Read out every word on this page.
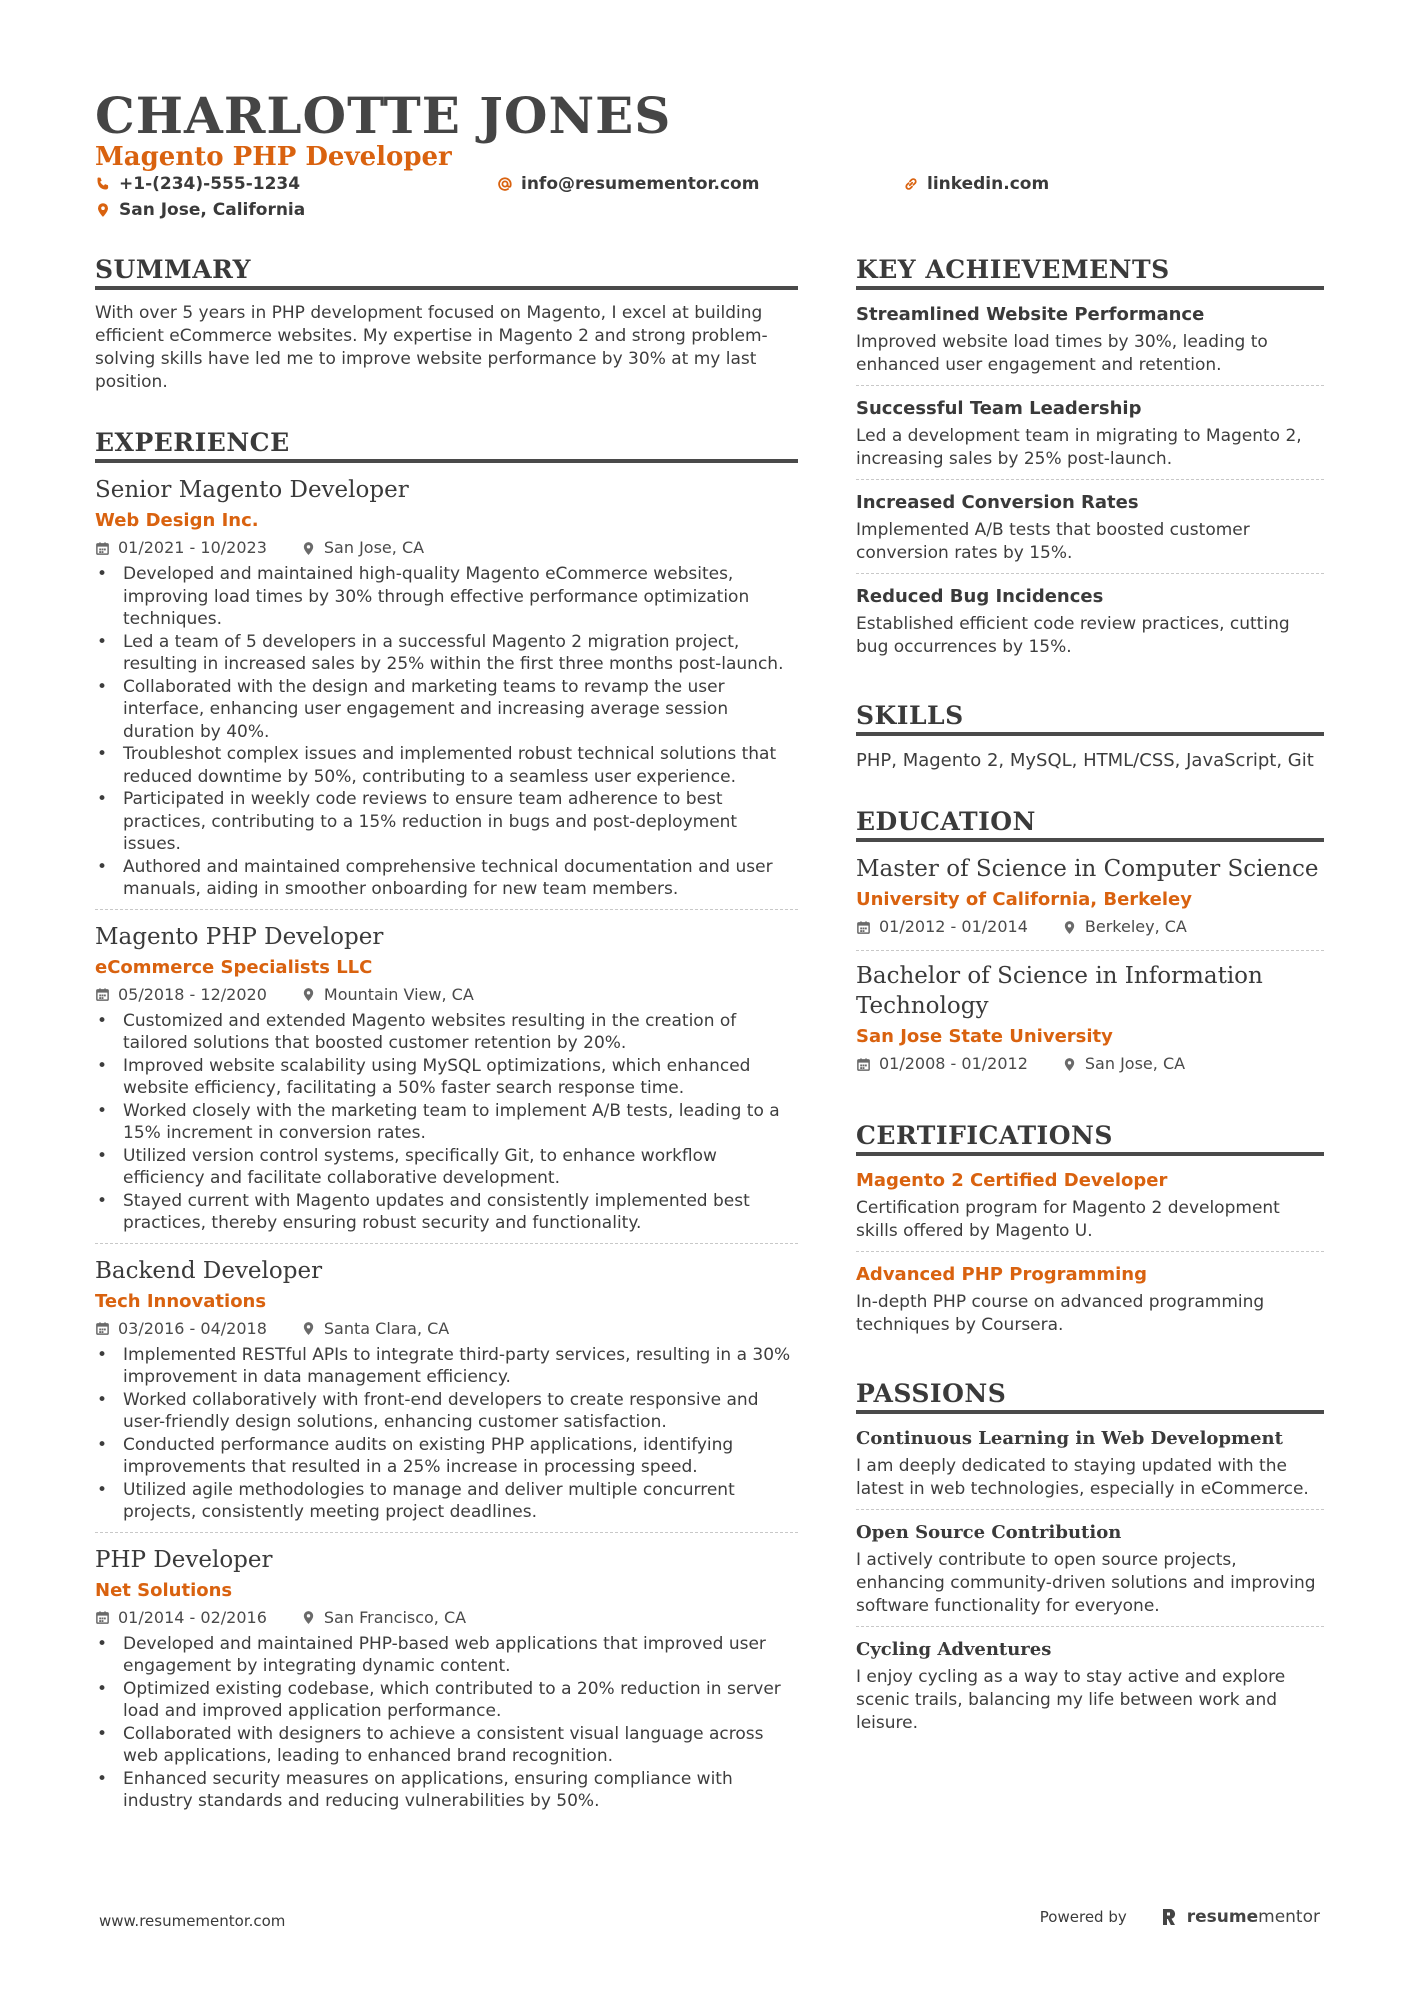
CHARLOTTE JONES
Magento PHP Developer
+1-(234)-555-1234	info@resumementor.com	linkedin.com
San Jose, California
SUMMARY
With over 5 years in PHP development focused on Magento, I excel at building efficient eCommerce websites. My expertise in Magento 2 and strong problem-solving skills have led me to improve website performance by 30% at my last position.
EXPERIENCE
Senior Magento Developer
Web Design Inc.
01/2021 - 10/2023	San Jose, CA
• Developed and maintained high-quality Magento eCommerce websites, improving load times by 30% through effective performance optimization techniques.
• Led a team of 5 developers in a successful Magento 2 migration project, resulting in increased sales by 25% within the first three months post-launch.
• Collaborated with the design and marketing teams to revamp the user interface, enhancing user engagement and increasing average session duration by 40%.
• Troubleshot complex issues and implemented robust technical solutions that reduced downtime by 50%, contributing to a seamless user experience.
• Participated in weekly code reviews to ensure team adherence to best practices, contributing to a 15% reduction in bugs and post-deployment issues.
• Authored and maintained comprehensive technical documentation and user manuals, aiding in smoother onboarding for new team members.
Magento PHP Developer
eCommerce Specialists LLC
05/2018 - 12/2020	Mountain View, CA
• Customized and extended Magento websites resulting in the creation of tailored solutions that boosted customer retention by 20%.
• Improved website scalability using MySQL optimizations, which enhanced website efficiency, facilitating a 50% faster search response time.
• Worked closely with the marketing team to implement A/B tests, leading to a 15% increment in conversion rates.
• Utilized version control systems, specifically Git, to enhance workflow efficiency and facilitate collaborative development.
• Stayed current with Magento updates and consistently implemented best practices, thereby ensuring robust security and functionality.
Backend Developer
Tech Innovations
03/2016 - 04/2018	Santa Clara, CA
• Implemented RESTful APIs to integrate third-party services, resulting in a 30% improvement in data management efficiency.
• Worked collaboratively with front-end developers to create responsive and user-friendly design solutions, enhancing customer satisfaction.
• Conducted performance audits on existing PHP applications, identifying improvements that resulted in a 25% increase in processing speed.
• Utilized agile methodologies to manage and deliver multiple concurrent projects, consistently meeting project deadlines.
PHP Developer
Net Solutions
01/2014 - 02/2016	San Francisco, CA
• Developed and maintained PHP-based web applications that improved user engagement by integrating dynamic content.
• Optimized existing codebase, which contributed to a 20% reduction in server load and improved application performance.
• Collaborated with designers to achieve a consistent visual language across web applications, leading to enhanced brand recognition.
• Enhanced security measures on applications, ensuring compliance with industry standards and reducing vulnerabilities by 50%.
KEY ACHIEVEMENTS
Streamlined Website Performance
Improved website load times by 30%, leading to enhanced user engagement and retention.
Successful Team Leadership
Led a development team in migrating to Magento 2, increasing sales by 25% post-launch.
Increased Conversion Rates
Implemented A/B tests that boosted customer conversion rates by 15%.
Reduced Bug Incidences
Established efficient code review practices, cutting bug occurrences by 15%.
SKILLS
PHP, Magento 2, MySQL, HTML/CSS, JavaScript, Git
EDUCATION
Master of Science in Computer Science
University of California, Berkeley
01/2012 - 01/2014	Berkeley, CA
Bachelor of Science in Information Technology
San Jose State University
01/2008 - 01/2012	San Jose, CA
CERTIFICATIONS
Magento 2 Certified Developer
Certification program for Magento 2 development skills offered by Magento U.
Advanced PHP Programming
In-depth PHP course on advanced programming techniques by Coursera.
PASSIONS
Continuous Learning in Web Development
I am deeply dedicated to staying updated with the latest in web technologies, especially in eCommerce.
Open Source Contribution
I actively contribute to open source projects, enhancing community-driven solutions and improving software functionality for everyone.
Cycling Adventures
I enjoy cycling as a way to stay active and explore scenic trails, balancing my life between work and leisure.
www.resumementor.com	Powered by	resumementor
